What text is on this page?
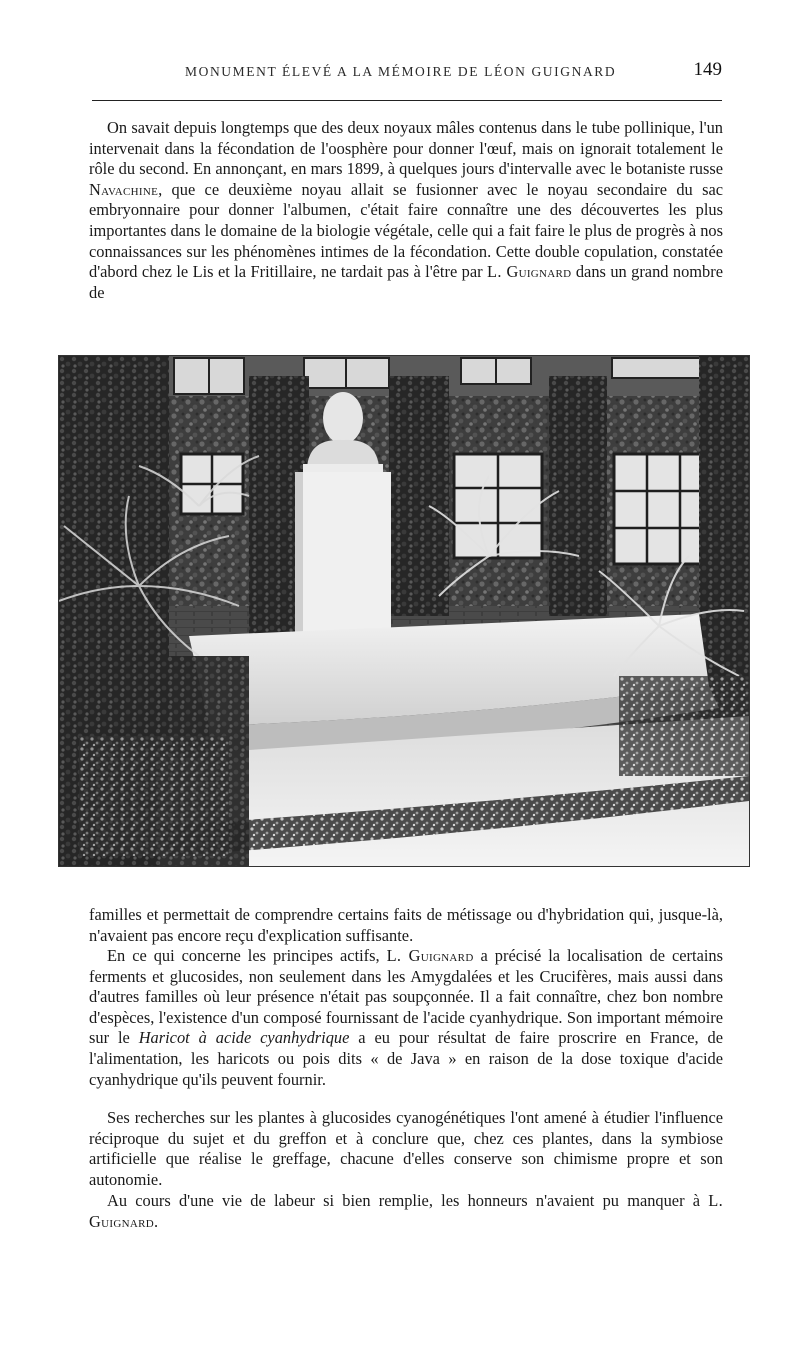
MONUMENT ÉLEVÉ A LA MÉMOIRE DE LÉON GUIGNARD	149

On savait depuis longtemps que des deux noyaux mâles contenus dans le tube pollinique, l'un intervenait dans la fécondation de l'oosphère pour donner l'œuf, mais on ignorait totalement le rôle du second. En annonçant, en mars 1899, à quelques jours d'intervalle avec le botaniste russe Navachine, que ce deuxième noyau allait se fusionner avec le noyau secondaire du sac embryonnaire pour donner l'albumen, c'était faire connaître une des découvertes les plus importantes dans le domaine de la biologie végétale, celle qui a fait faire le plus de progrès à nos connaissances sur les phénomènes intimes de la fécondation. Cette double copulation, constatée d'abord chez le Lis et la Fritillaire, ne tardait pas à l'être par L. Guignard dans un grand nombre de

familles et permettait de comprendre certains faits de métissage ou d'hybridation qui, jusque-là, n'avaient pas encore reçu d'explication suffisante.

En ce qui concerne les principes actifs, L. Guignard a précisé la localisation de certains ferments et glucosides, non seulement dans les Amygdalées et les Crucifères, mais aussi dans d'autres familles où leur présence n'était pas soupçonnée. Il a fait connaître, chez bon nombre d'espèces, l'existence d'un composé fournissant de l'acide cyanhydrique. Son important mémoire sur le Haricot à acide cyanhydrique a eu pour résultat de faire proscrire en France, de l'alimentation, les haricots ou pois dits « de Java » en raison de la dose toxique d'acide cyanhydrique qu'ils peuvent fournir.

Ses recherches sur les plantes à glucosides cyanogénétiques l'ont amené à étudier l'influence réciproque du sujet et du greffon et à conclure que, chez ces plantes, dans la symbiose artificielle que réalise le greffage, chacune d'elles conserve son chimisme propre et son autonomie.

Au cours d'une vie de labeur si bien remplie, les honneurs n'avaient pu manquer à L. Guignard.
